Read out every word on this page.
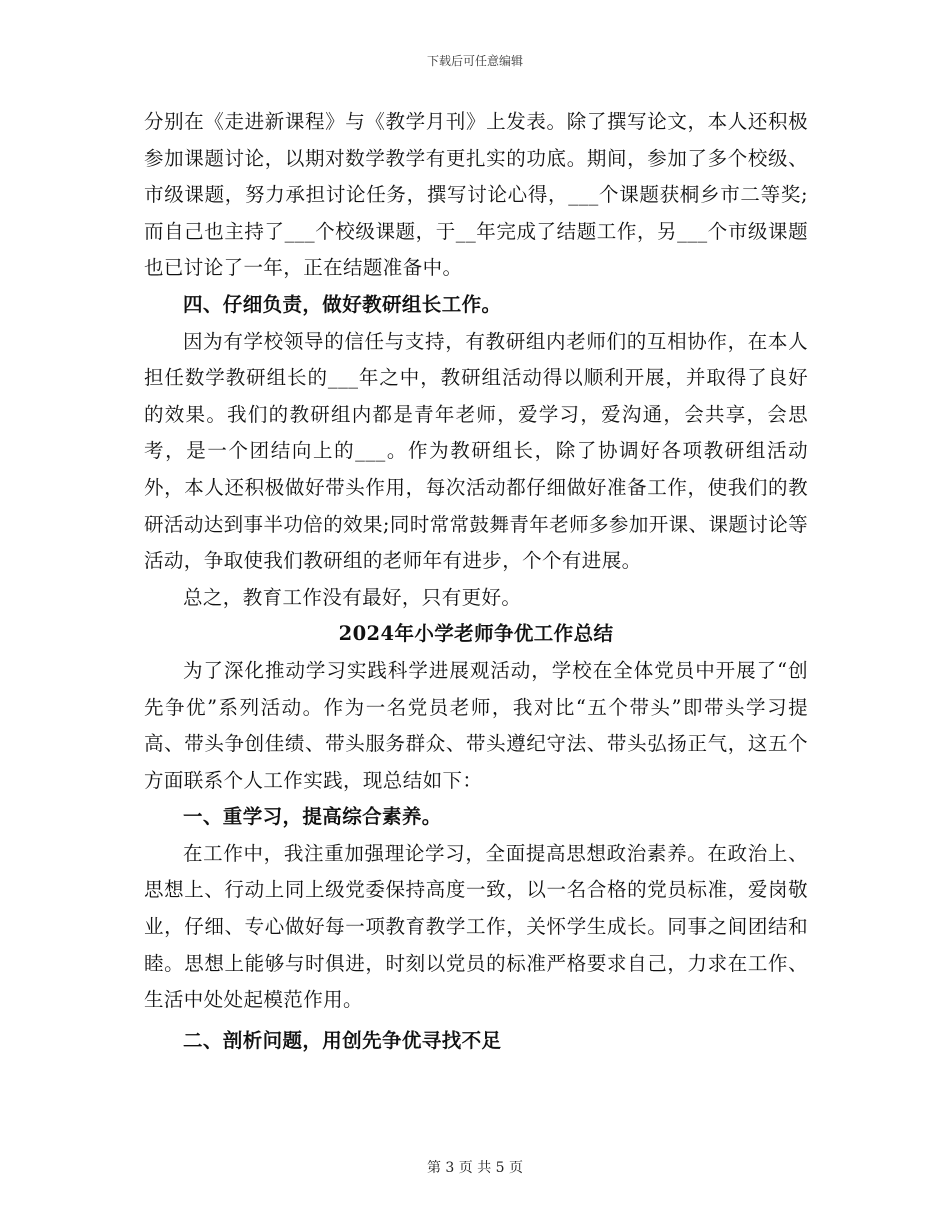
下载后可任意编辑

分别在《走进新课程》与《教学月刊》上发表。除了撰写论文，本人还积极参加课题讨论，以期对数学教学有更扎实的功底。期间，参加了多个校级、市级课题，努力承担讨论任务，撰写讨论心得，___个课题获桐乡市二等奖;而自己也主持了___个校级课题，于__年完成了结题工作，另___个市级课题也已讨论了一年，正在结题准备中。

四、仔细负责，做好教研组长工作。

因为有学校领导的信任与支持，有教研组内老师们的互相协作，在本人担任数学教研组长的___年之中，教研组活动得以顺利开展，并取得了良好的效果。我们的教研组内都是青年老师，爱学习，爱沟通，会共享，会思考，是一个团结向上的___。作为教研组长，除了协调好各项教研组活动外，本人还积极做好带头作用，每次活动都仔细做好准备工作，使我们的教研活动达到事半功倍的效果;同时常常鼓舞青年老师多参加开课、课题讨论等活动，争取使我们教研组的老师年有进步，个个有进展。

总之，教育工作没有最好，只有更好。

2024年小学老师争优工作总结

为了深化推动学习实践科学进展观活动，学校在全体党员中开展了“创先争优”系列活动。作为一名党员老师，我对比“五个带头”即带头学习提高、带头争创佳绩、带头服务群众、带头遵纪守法、带头弘扬正气，这五个方面联系个人工作实践，现总结如下：

一、重学习，提高综合素养。

在工作中，我注重加强理论学习，全面提高思想政治素养。在政治上、思想上、行动上同上级党委保持高度一致，以一名合格的党员标准，爱岗敬业，仔细、专心做好每一项教育教学工作，关怀学生成长。同事之间团结和睦。思想上能够与时俱进，时刻以党员的标准严格要求自己，力求在工作、生活中处处起模范作用。

二、剖析问题，用创先争优寻找不足

第 3 页 共 5 页
